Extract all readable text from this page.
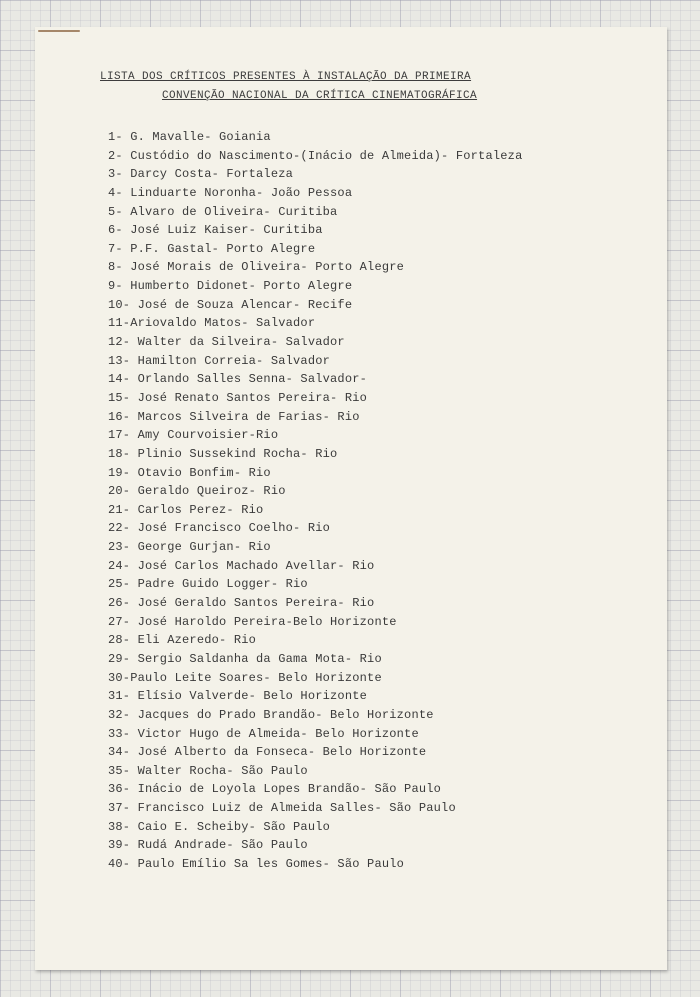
LISTA DOS CRÍTICOS PRESENTES À INSTALAÇÃO DA PRIMEIRA
CONVENÇÃO NACIONAL DA CRÍTICA CINEMATOGRÁFICA
1- G. Mavalle- Goiania
2- Custódio do Nascimento-(Inácio de Almeida)- Fortaleza
3- Darcy Costa- Fortaleza
4- Linduarte Noronha- João Pessoa
5- Alvaro de Oliveira- Curitiba
6- José Luiz Kaiser- Curitiba
7- P.F. Gastal- Porto Alegre
8- José Morais de Oliveira- Porto Alegre
9- Humberto Didonet- Porto Alegre
10- José de Souza Alencar- Recife
11-Ariovaldo Matos- Salvador
12- Walter da Silveira- Salvador
13- Hamilton Correia- Salvador
14- Orlando Salles Senna- Salvador-
15- José Renato Santos Pereira- Rio
16- Marcos Silveira de Farias- Rio
17- Amy Courvoisier-Rio
18- Plinio Sussekind Rocha- Rio
19- Otavio Bonfim- Rio
20- Geraldo Queiroz- Rio
21- Carlos Perez- Rio
22- José Francisco Coelho- Rio
23- George Gurjan- Rio
24- José Carlos Machado Avellar- Rio
25- Padre Guido Logger- Rio
26- José Geraldo Santos Pereira- Rio
27- José Haroldo Pereira-Belo Horizonte
28- Eli Azeredo- Rio
29- Sergio Saldanha da Gama Mota- Rio
30-Paulo Leite Soares- Belo Horizonte
31- Elísio Valverde- Belo Horizonte
32- Jacques do Prado Brandão- Belo Horizonte
33- Victor Hugo de Almeida- Belo Horizonte
34- José Alberto da Fonseca- Belo Horizonte
35- Walter Rocha- São Paulo
36- Inácio de Loyola Lopes Brandão- São Paulo
37- Francisco Luiz de Almeida Salles- São Paulo
38- Caio E. Scheiby- São Paulo
39- Rudá Andrade- São Paulo
40- Paulo Emílio Sa les Gomes- São Paulo
